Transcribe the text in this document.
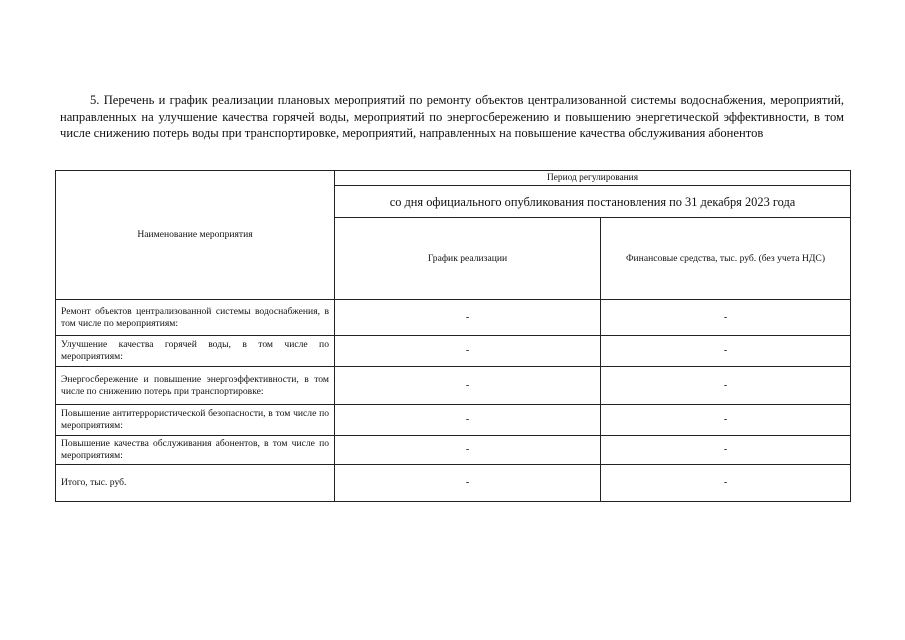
5. Перечень и график реализации плановых мероприятий по ремонту объектов централизованной системы водоснабжения, мероприятий, направленных на улучшение качества горячей воды, мероприятий по энергосбережению и повышению энергетической эффективности, в том числе снижению потерь воды при транспортировке, мероприятий, направленных на повышение качества обслуживания абонентов
Наименование мероприятия	Период регулирования	
	со дня официального опубликования постановления по 31 декабря 2023 года	
	График реализации	Финансовые средства, тыс. руб. (без учета НДС)
Ремонт объектов централизованной системы водоснабжения, в том числе по мероприятиям:	-	-
Улучшение качества горячей воды, в том числе по мероприятиям:	-	-
Энергосбережение и повышение энергоэффективности, в том числе по снижению потерь при транспортировке:	-	-
Повышение антитеррористической безопасности, в том числе по мероприятиям:	-	-
Повышение качества обслуживания абонентов, в том числе по мероприятиям:	-	-
Итого, тыс. руб.	-	-
